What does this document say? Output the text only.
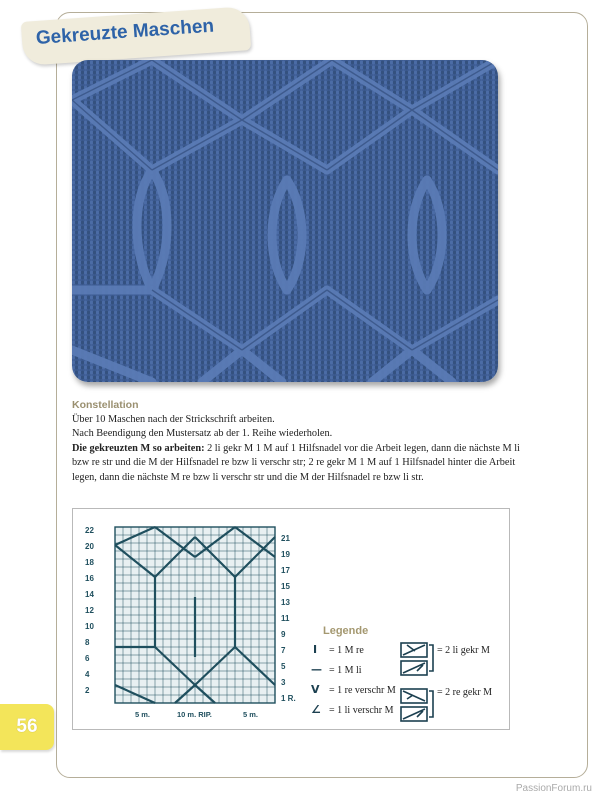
Gekreuzte Maschen
Konstellation
Über 10 Maschen nach der Strickschrift arbeiten.
Nach Beendigung den Mustersatz ab der 1. Reihe wiederholen.
Die gekreuzten M so arbeiten: 2 li gekr M 1 M auf 1 Hilfsnadel vor die Arbeit legen, dann die nächste M li bzw re str und die M der Hilfsnadel re bzw li verschr str; 2 re gekr M 1 M auf 1 Hilfsnadel hinter die Arbeit legen, dann die nächste M re bzw li verschr str und die M der Hilfsnadel re bzw li str.
22
20
18
16
14
12
10
8
6
4
2
21
19
17
15
13
11
9
7
5
3
1 R.
5 m.	10 m. RIP.	5 m.
Legende
I = 1 M re
— = 1 M li
V = 1 re verschr M
∠ = 1 li verschr M
= 2 li gekr M
= 2 re gekr M
56
PassionForum.ru
